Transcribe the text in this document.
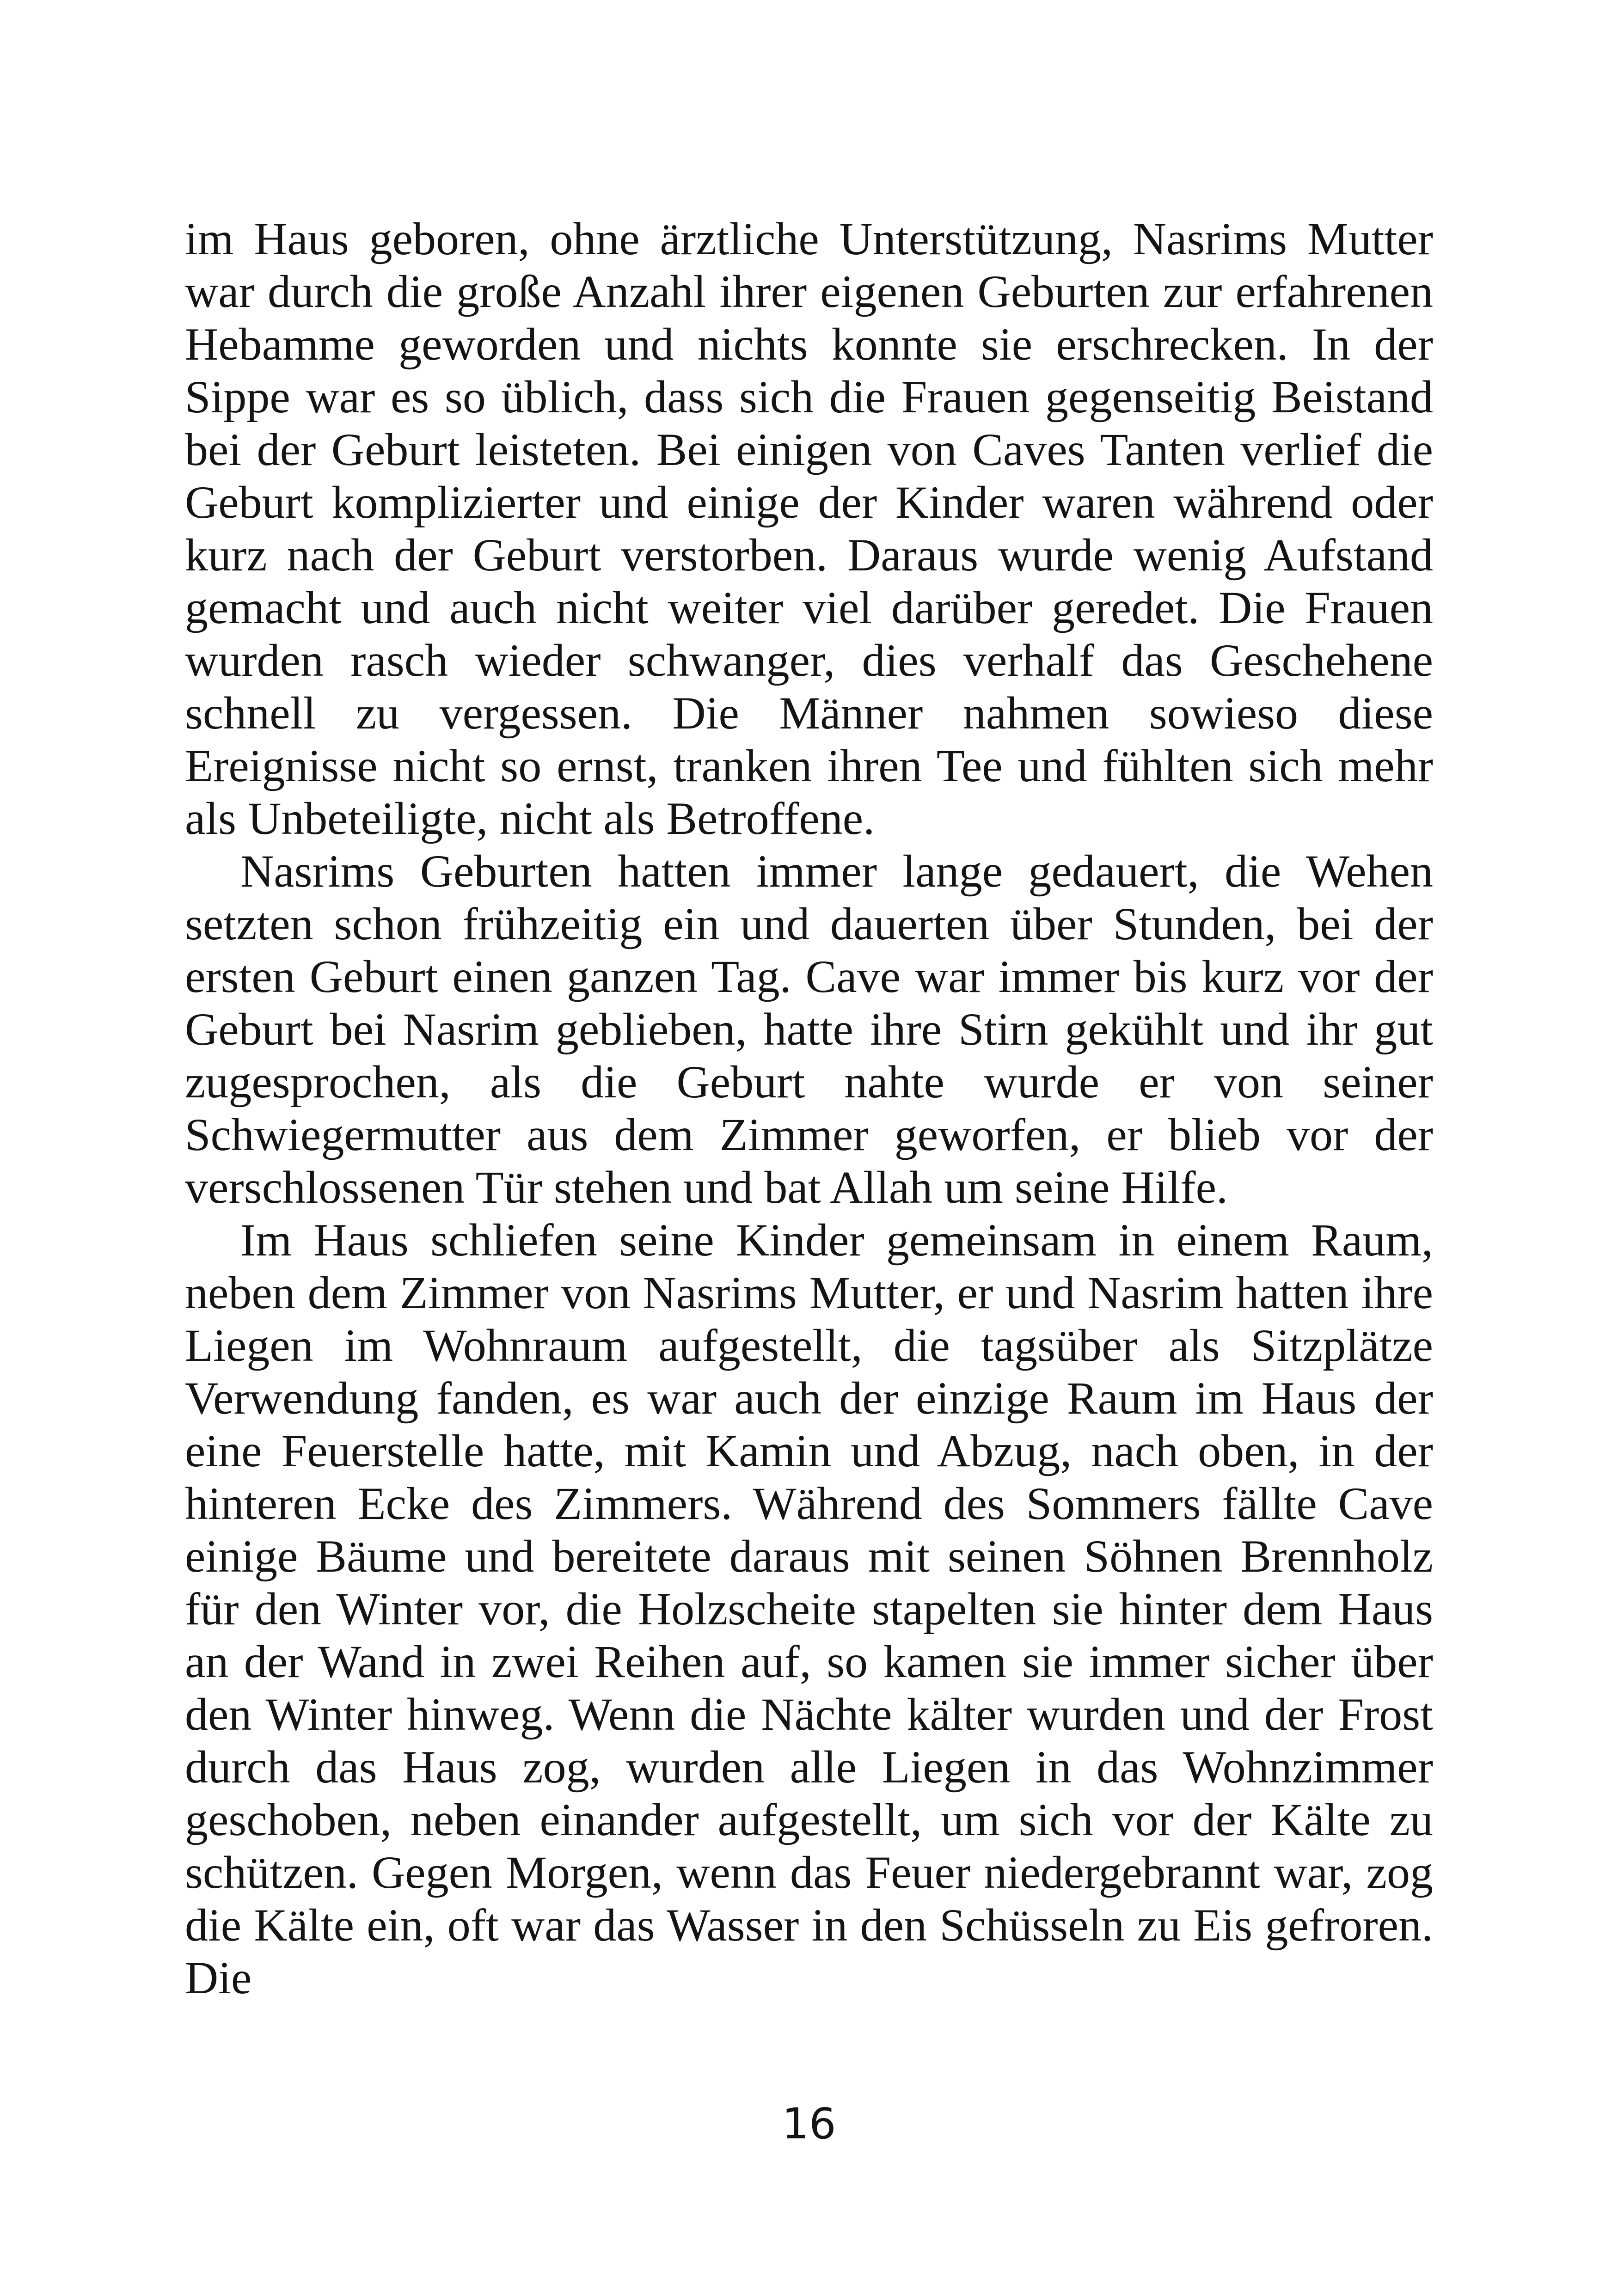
im Haus geboren, ohne ärztliche Unterstützung, Nasrims Mutter war durch die große Anzahl ihrer eigenen Geburten zur erfahrenen Hebamme geworden und nichts konnte sie erschrecken. In der Sippe war es so üblich, dass sich die Frauen gegenseitig Beistand bei der Geburt leisteten. Bei einigen von Caves Tanten verlief die Geburt komplizierter und einige der Kinder waren während oder kurz nach der Geburt verstorben. Daraus wurde wenig Aufstand gemacht und auch nicht weiter viel darüber geredet. Die Frauen wurden rasch wieder schwanger, dies verhalf das Geschehene schnell zu vergessen. Die Männer nahmen sowieso diese Ereignisse nicht so ernst, tranken ihren Tee und fühlten sich mehr als Unbeteiligte, nicht als Betroffene.

Nasrims Geburten hatten immer lange gedauert, die Wehen setzten schon frühzeitig ein und dauerten über Stunden, bei der ersten Geburt einen ganzen Tag. Cave war immer bis kurz vor der Geburt bei Nasrim geblieben, hatte ihre Stirn gekühlt und ihr gut zugesprochen, als die Geburt nahte wurde er von seiner Schwiegermutter aus dem Zimmer geworfen, er blieb vor der verschlossenen Tür stehen und bat Allah um seine Hilfe.

Im Haus schliefen seine Kinder gemeinsam in einem Raum, neben dem Zimmer von Nasrims Mutter, er und Nasrim hatten ihre Liegen im Wohnraum aufgestellt, die tagsüber als Sitzplätze Verwendung fanden, es war auch der einzige Raum im Haus der eine Feuerstelle hatte, mit Kamin und Abzug, nach oben, in der hinteren Ecke des Zimmers. Während des Sommers fällte Cave einige Bäume und bereitete daraus mit seinen Söhnen Brennholz für den Winter vor, die Holzscheite stapelten sie hinter dem Haus an der Wand in zwei Reihen auf, so kamen sie immer sicher über den Winter hinweg. Wenn die Nächte kälter wurden und der Frost durch das Haus zog, wurden alle Liegen in das Wohnzimmer geschoben, neben einander aufgestellt, um sich vor der Kälte zu schützen. Gegen Morgen, wenn das Feuer niedergebrannt war, zog die Kälte ein, oft war das Wasser in den Schüsseln zu Eis gefroren. Die

16
